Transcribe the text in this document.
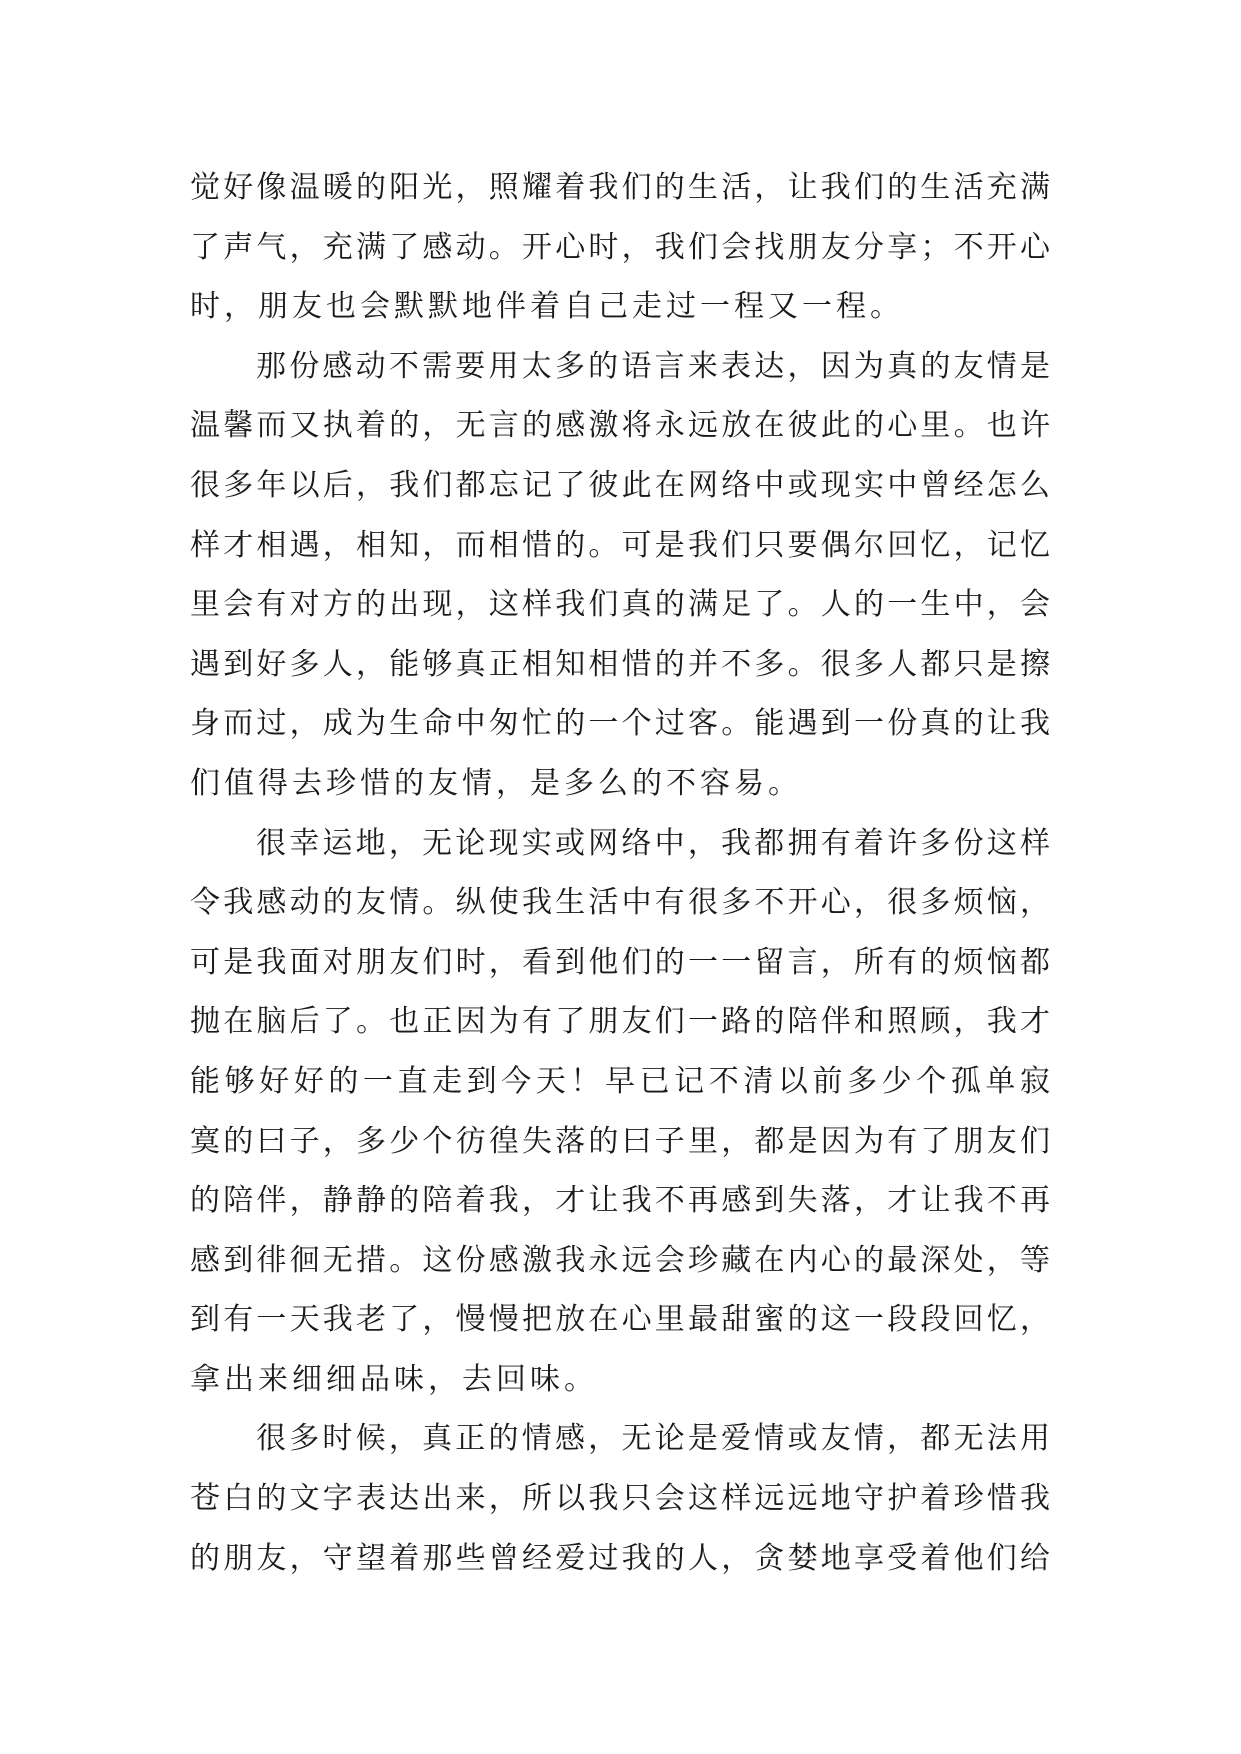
觉好像温暖的阳光，照耀着我们的生活，让我们的生活充满
了声气，充满了感动。开心时，我们会找朋友分享；不开心
时，朋友也会默默地伴着自己走过一程又一程。
那份感动不需要用太多的语言来表达，因为真的友情是
温馨而又执着的，无言的感激将永远放在彼此的心里。也许
很多年以后，我们都忘记了彼此在网络中或现实中曾经怎么
样才相遇，相知，而相惜的。可是我们只要偶尔回忆，记忆
里会有对方的出现，这样我们真的满足了。人的一生中，会
遇到好多人，能够真正相知相惜的并不多。很多人都只是擦
身而过，成为生命中匆忙的一个过客。能遇到一份真的让我
们值得去珍惜的友情，是多么的不容易。
很幸运地，无论现实或网络中，我都拥有着许多份这样
令我感动的友情。纵使我生活中有很多不开心，很多烦恼，
可是我面对朋友们时，看到他们的一一留言，所有的烦恼都
抛在脑后了。也正因为有了朋友们一路的陪伴和照顾，我才
能够好好的一直走到今天！早已记不清以前多少个孤单寂
寞的曰子，多少个彷徨失落的曰子里，都是因为有了朋友们
的陪伴，静静的陪着我，才让我不再感到失落，才让我不再
感到徘徊无措。这份感激我永远会珍藏在内心的最深处，等
到有一天我老了，慢慢把放在心里最甜蜜的这一段段回忆，
拿出来细细品味，去回味。
很多时候，真正的情感，无论是爱情或友情，都无法用
苍白的文字表达出来，所以我只会这样远远地守护着珍惜我
的朋友，守望着那些曾经爱过我的人，贪婪地享受着他们给
